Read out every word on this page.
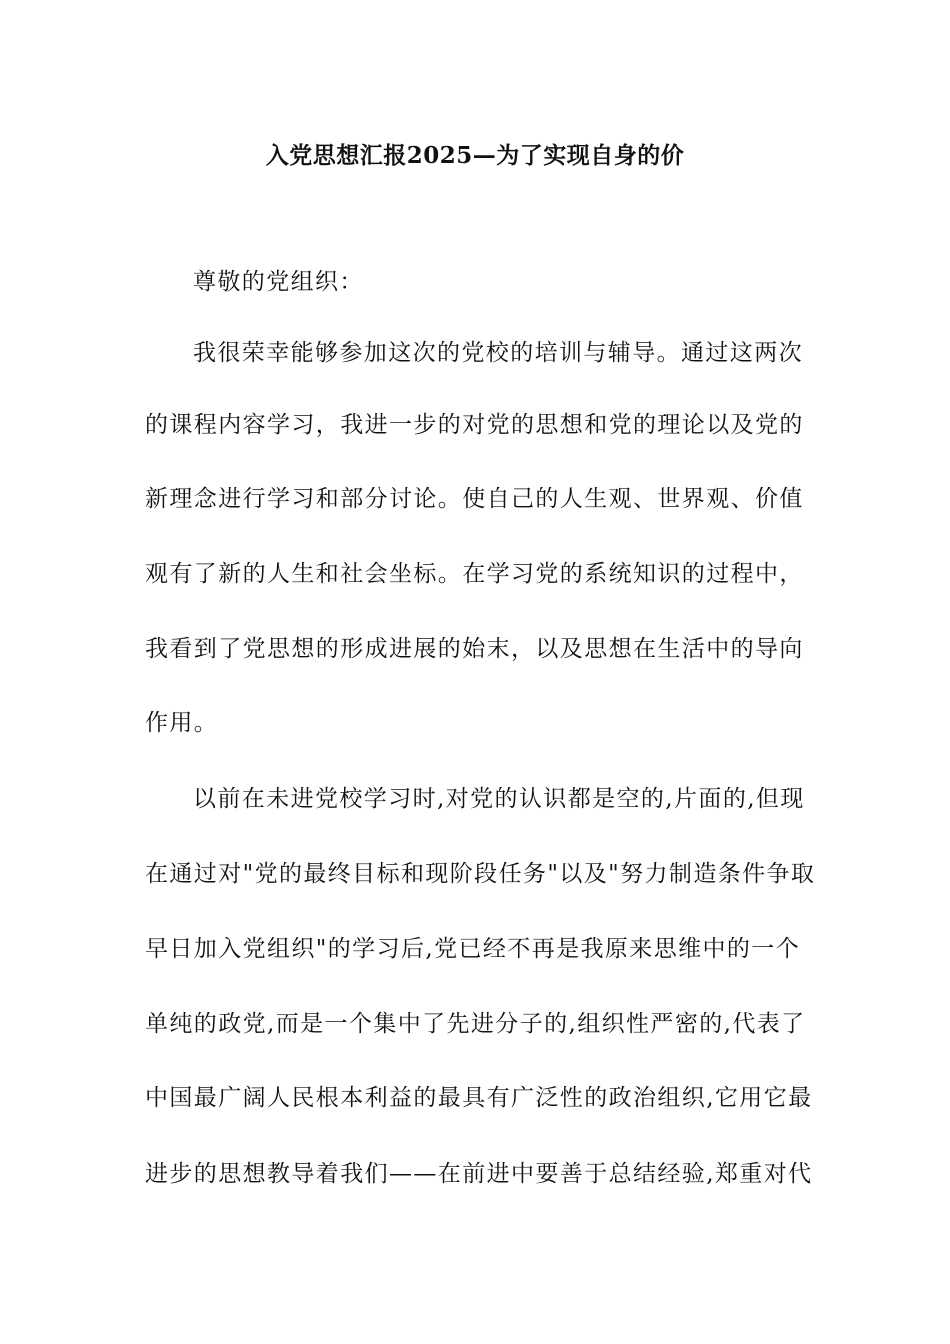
入党思想汇报2025—为了实现自身的价
尊敬的党组织：
我很荣幸能够参加这次的党校的培训与辅导。通过这两次
的课程内容学习，我进一步的对党的思想和党的理论以及党的
新理念进行学习和部分讨论。使自己的人生观、世界观、价值
观有了新的人生和社会坐标。在学习党的系统知识的过程中，
我看到了党思想的形成进展的始末，以及思想在生活中的导向
作用。
以前在未进党校学习时,对党的认识都是空的,片面的,但现
在通过对"党的最终目标和现阶段任务"以及"努力制造条件争取
早日加入党组织"的学习后,党已经不再是我原来思维中的一个
单纯的政党,而是一个集中了先进分子的,组织性严密的,代表了
中国最广阔人民根本利益的最具有广泛性的政治组织,它用它最
进步的思想教导着我们——在前进中要善于总结经验,郑重对代
